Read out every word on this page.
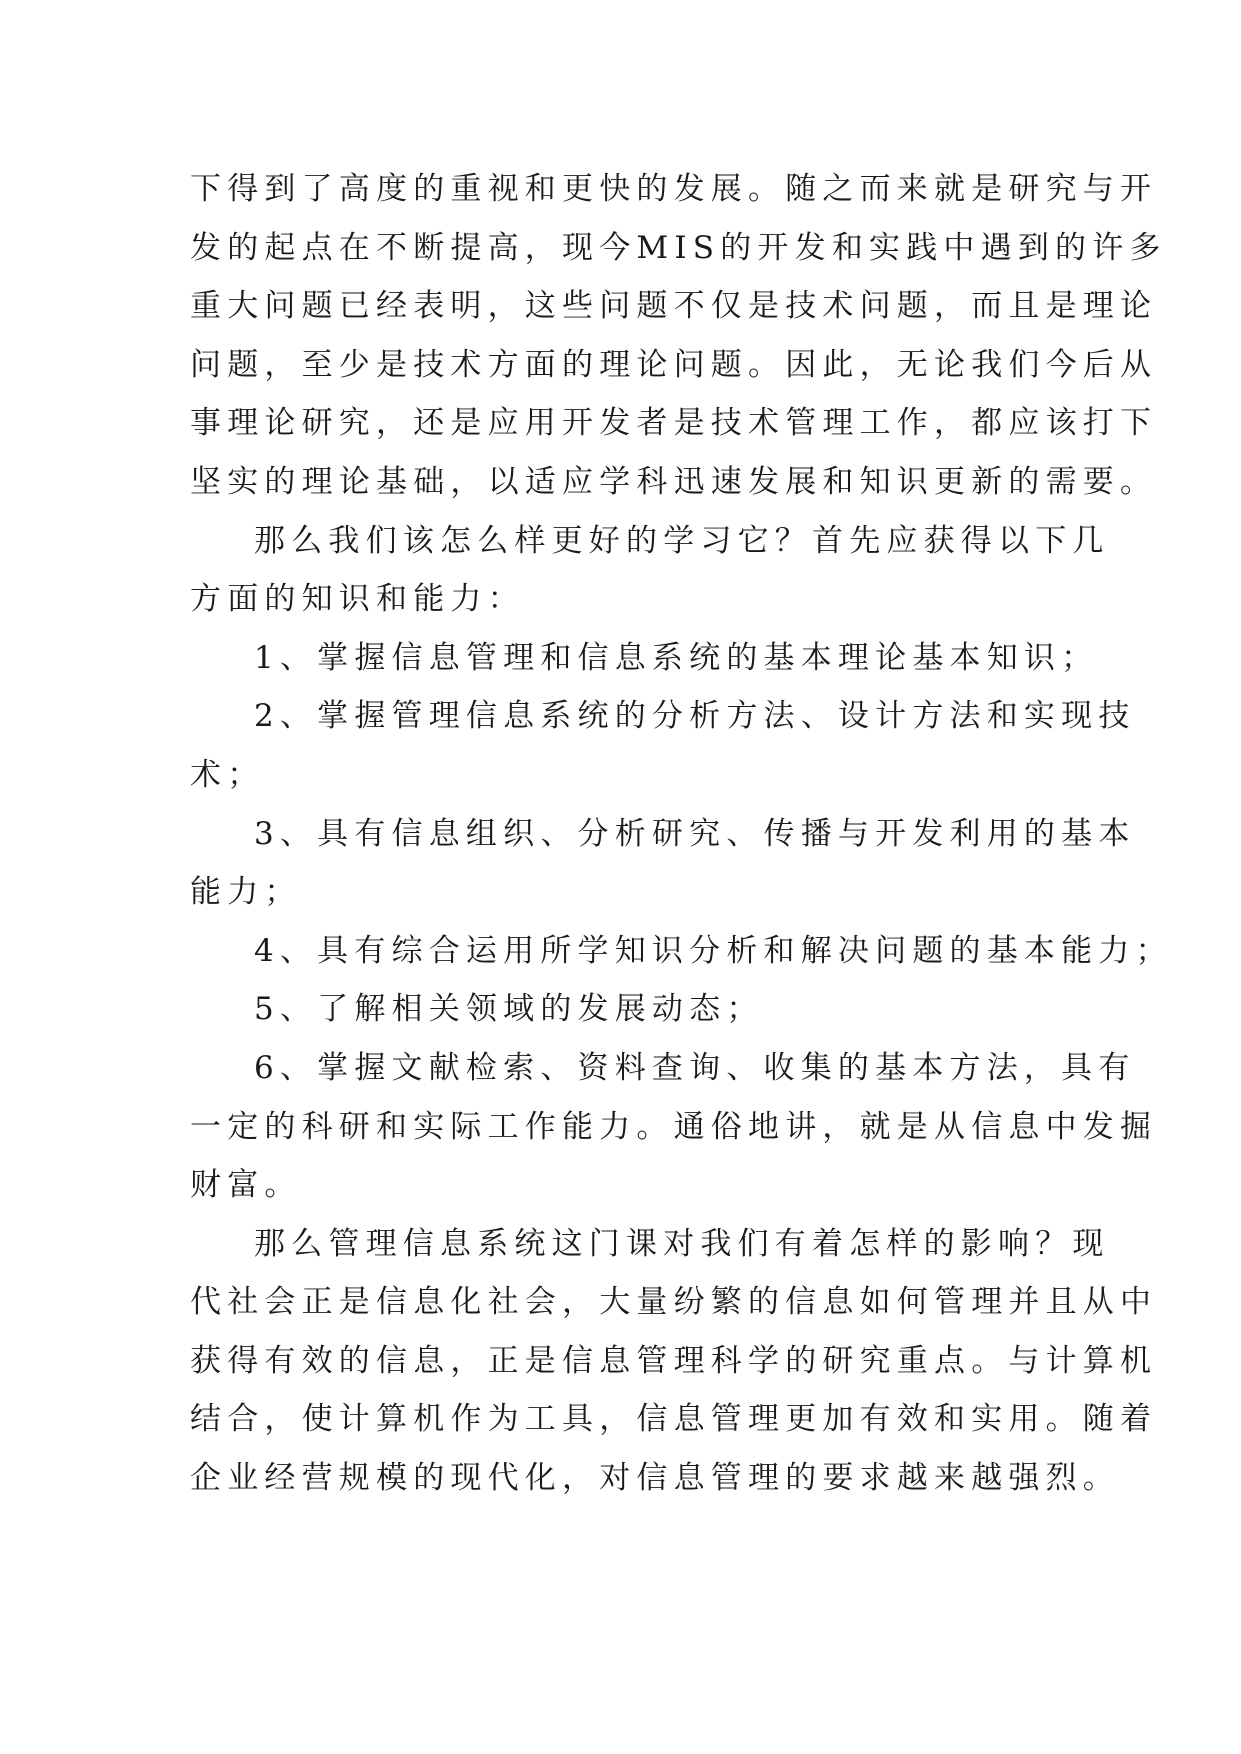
下得到了高度的重视和更快的发展。随之而来就是研究与开

发的起点在不断提高，现今MIS的开发和实践中遇到的许多

重大问题已经表明，这些问题不仅是技术问题，而且是理论

问题，至少是技术方面的理论问题。因此，无论我们今后从

事理论研究，还是应用开发者是技术管理工作，都应该打下

坚实的理论基础，以适应学科迅速发展和知识更新的需要。

那么我们该怎么样更好的学习它？首先应获得以下几

方面的知识和能力：

1、掌握信息管理和信息系统的基本理论基本知识；

2、掌握管理信息系统的分析方法、设计方法和实现技

术；

3、具有信息组织、分析研究、传播与开发利用的基本

能力；

4、具有综合运用所学知识分析和解决问题的基本能力；

5、了解相关领域的发展动态；

6、掌握文献检索、资料查询、收集的基本方法，具有

一定的科研和实际工作能力。通俗地讲，就是从信息中发掘

财富。

那么管理信息系统这门课对我们有着怎样的影响？现

代社会正是信息化社会，大量纷繁的信息如何管理并且从中

获得有效的信息，正是信息管理科学的研究重点。与计算机

结合，使计算机作为工具，信息管理更加有效和实用。随着

企业经营规模的现代化，对信息管理的要求越来越强烈。
